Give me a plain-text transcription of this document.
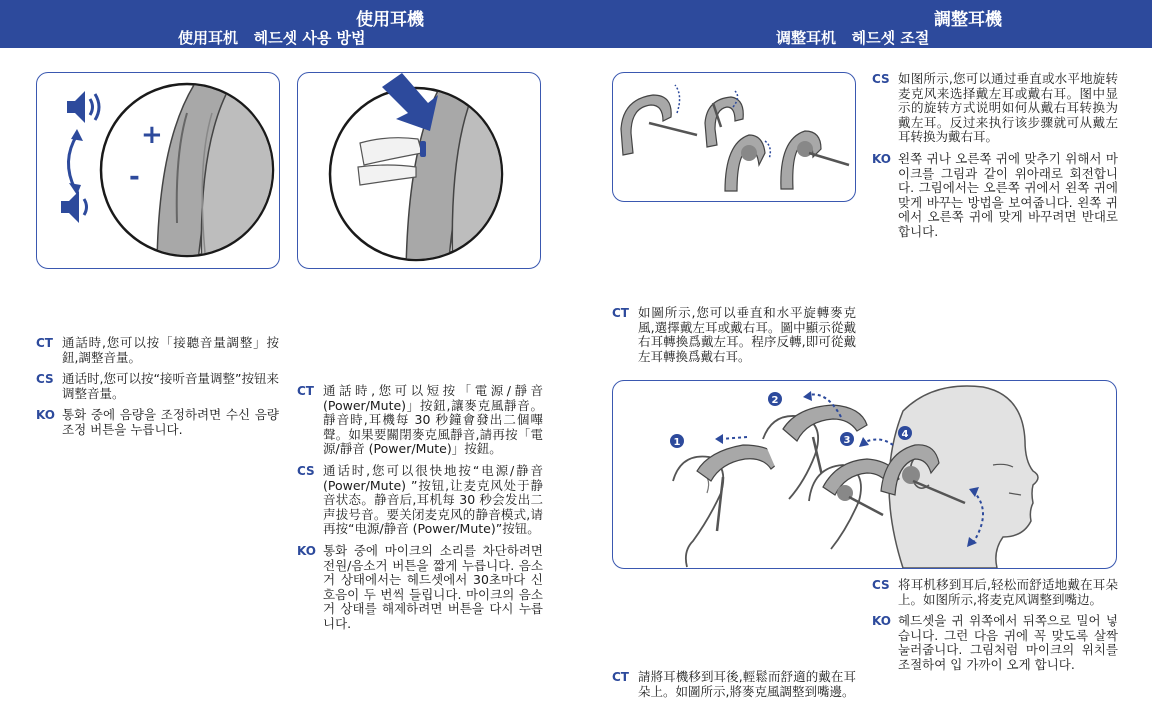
使用耳機
使用耳机   헤드셋 사용 방법
調整耳機
调整耳机   헤드셋 조절
+
-
CT 通話時,您可以按「接聽音量調整」按鈕,調整音量。
CS 通话时,您可以按“接听音量调整”按钮来调整音量。
KO 통화 중에 음량을 조정하려면 수신 음량 조정 버튼을 누릅니다.
CT 通話時,您可以短按「電源/靜音(Power/Mute)」按鈕,讓麥克風靜音。靜音時,耳機每 30 秒鐘會發出二個嗶聲。如果要關閉麥克風靜音,請再按「電源/靜音 (Power/Mute)」按鈕。
CS 通话时,您可以很快地按“电源/静音(Power/Mute) ”按钮,让麦克风处于静音状态。静音后,耳机每 30 秒会发出二声拔号音。要关闭麦克风的静音模式,请再按“电源/静音 (Power/Mute)”按钮。
KO 통화 중에 마이크의 소리를 차단하려면 전원/음소거 버튼을 짧게 누릅니다. 음소거 상태에서는 헤드셋에서 30초마다 신호음이 두 번씩 들립니다. 마이크의 음소거 상태를 해제하려면 버튼을 다시 누릅니다.
CS 如图所示,您可以通过垂直或水平地旋转麦克风来选择戴左耳或戴右耳。图中显示的旋转方式说明如何从戴右耳转换为戴左耳。反过来执行该步骤就可从戴左耳转换为戴右耳。
KO 왼쪽 귀나 오른쪽 귀에 맞추기 위해서 마이크를 그림과 같이 위아래로 회전합니다. 그림에서는 오른쪽 귀에서 왼쪽 귀에 맞게 바꾸는 방법을 보여줍니다. 왼쪽 귀에서 오른쪽 귀에 맞게 바꾸려면 반대로 합니다.
CT 如圖所示,您可以垂直和水平旋轉麥克風,選擇戴左耳或戴右耳。圖中顯示從戴右耳轉換爲戴左耳。程序反轉,即可從戴左耳轉換爲戴右耳。
1
2
3
4
CS 将耳机移到耳后,轻松而舒适地戴在耳朵上。如图所示,将麦克风调整到嘴边。
KO 헤드셋을 귀 위쪽에서 뒤쪽으로 밀어 넣습니다. 그런 다음 귀에 꼭 맞도록 살짝 눌러줍니다. 그림처럼 마이크의 위치를 조절하여 입 가까이 오게 합니다.
CT 請將耳機移到耳後,輕鬆而舒適的戴在耳朵上。如圖所示,將麥克風調整到嘴邊。
